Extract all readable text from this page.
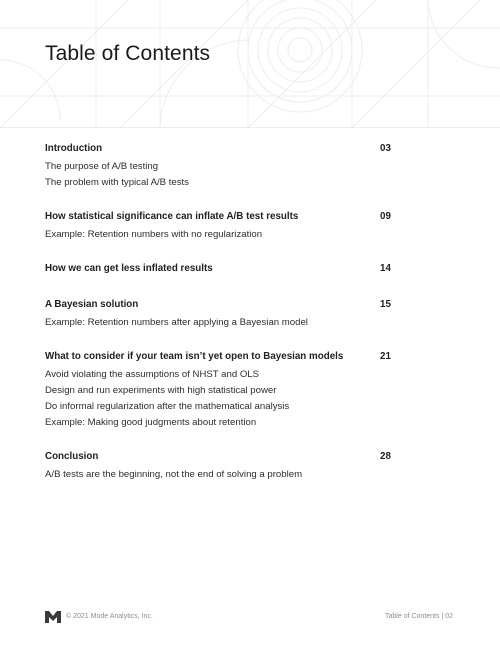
Table of Contents
Introduction	03
The purpose of A/B testing
The problem with typical A/B tests
How statistical significance can inflate A/B test results	09
Example: Retention numbers with no regularization
How we can get less inflated results	14
A Bayesian solution	15
Example: Retention numbers after applying a Bayesian model
What to consider if your team isn’t yet open to Bayesian models	21
Avoid violating the assumptions of NHST and OLS
Design and run experiments with high statistical power
Do informal regularization after the mathematical analysis
Example: Making good judgments about retention
Conclusion	28
A/B tests are the beginning, not the end of solving a problem
© 2021 Mode Analytics, Inc.	Table of Contents | 02
